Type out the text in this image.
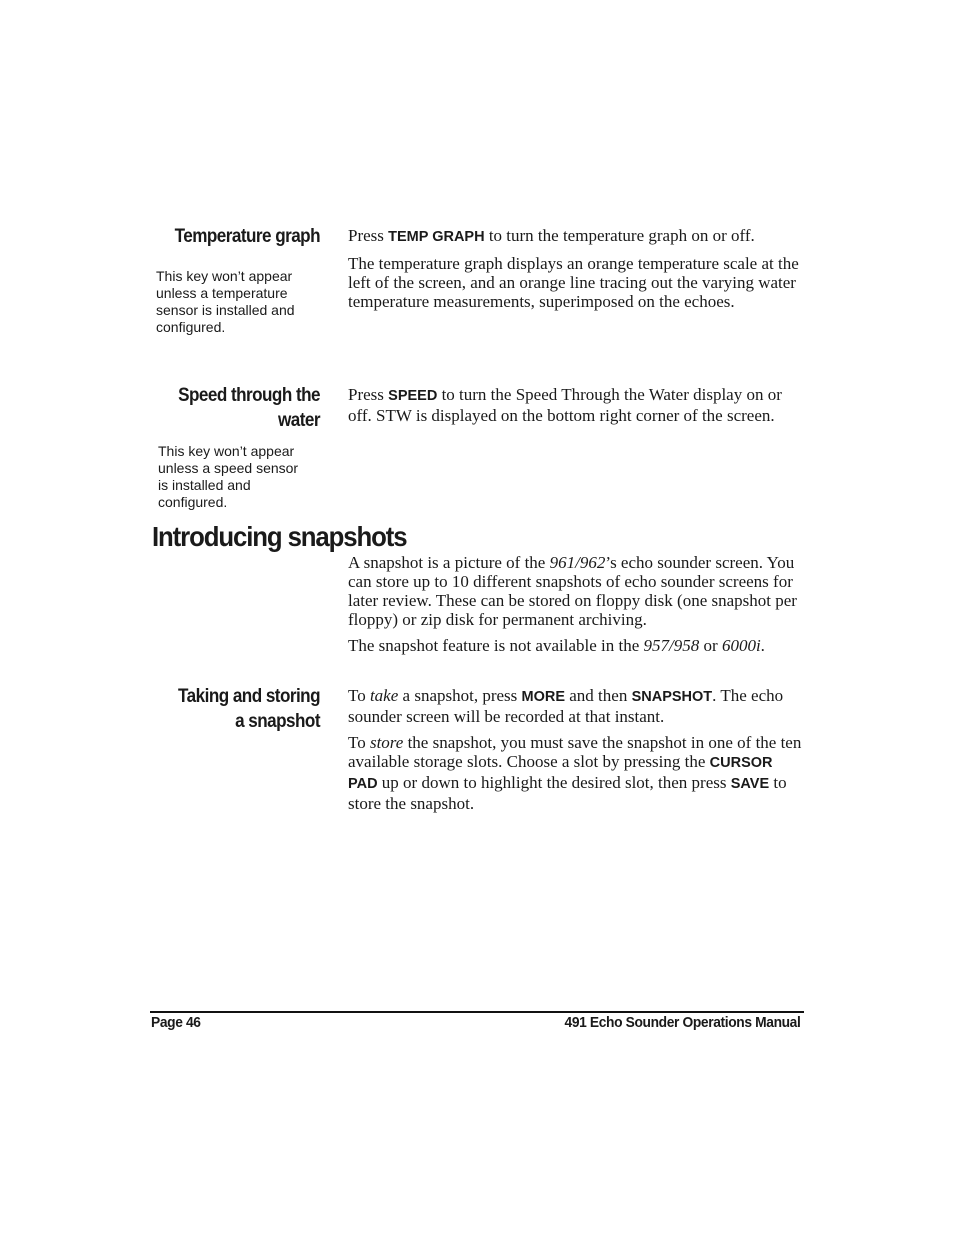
Temperature graph

This key won’t appear unless a temperature sensor is installed and configured.

Press TEMP GRAPH to turn the temperature graph on or off.

The temperature graph displays an orange temperature scale at the left of the screen, and an orange line tracing out the varying water temperature measurements, superimposed on the echoes.

Speed through the
water

This key won’t appear unless a speed sensor is installed and configured.

Press SPEED to turn the Speed Through the Water display on or off. STW is displayed on the bottom right corner of the screen.

Introducing snapshots

A snapshot is a picture of the 961/962’s echo sounder screen. You can store up to 10 different snapshots of echo sounder screens for later review. These can be stored on floppy disk (one snapshot per floppy) or zip disk for permanent archiving.

The snapshot feature is not available in the 957/958 or 6000i.

Taking and storing
a snapshot

To take a snapshot, press MORE and then SNAPSHOT. The echo sounder screen will be recorded at that instant.

To store the snapshot, you must save the snapshot in one of the ten available storage slots. Choose a slot by pressing the CURSOR PAD up or down to highlight the desired slot, then press SAVE to store the snapshot.

Page 46	491 Echo Sounder Operations Manual
